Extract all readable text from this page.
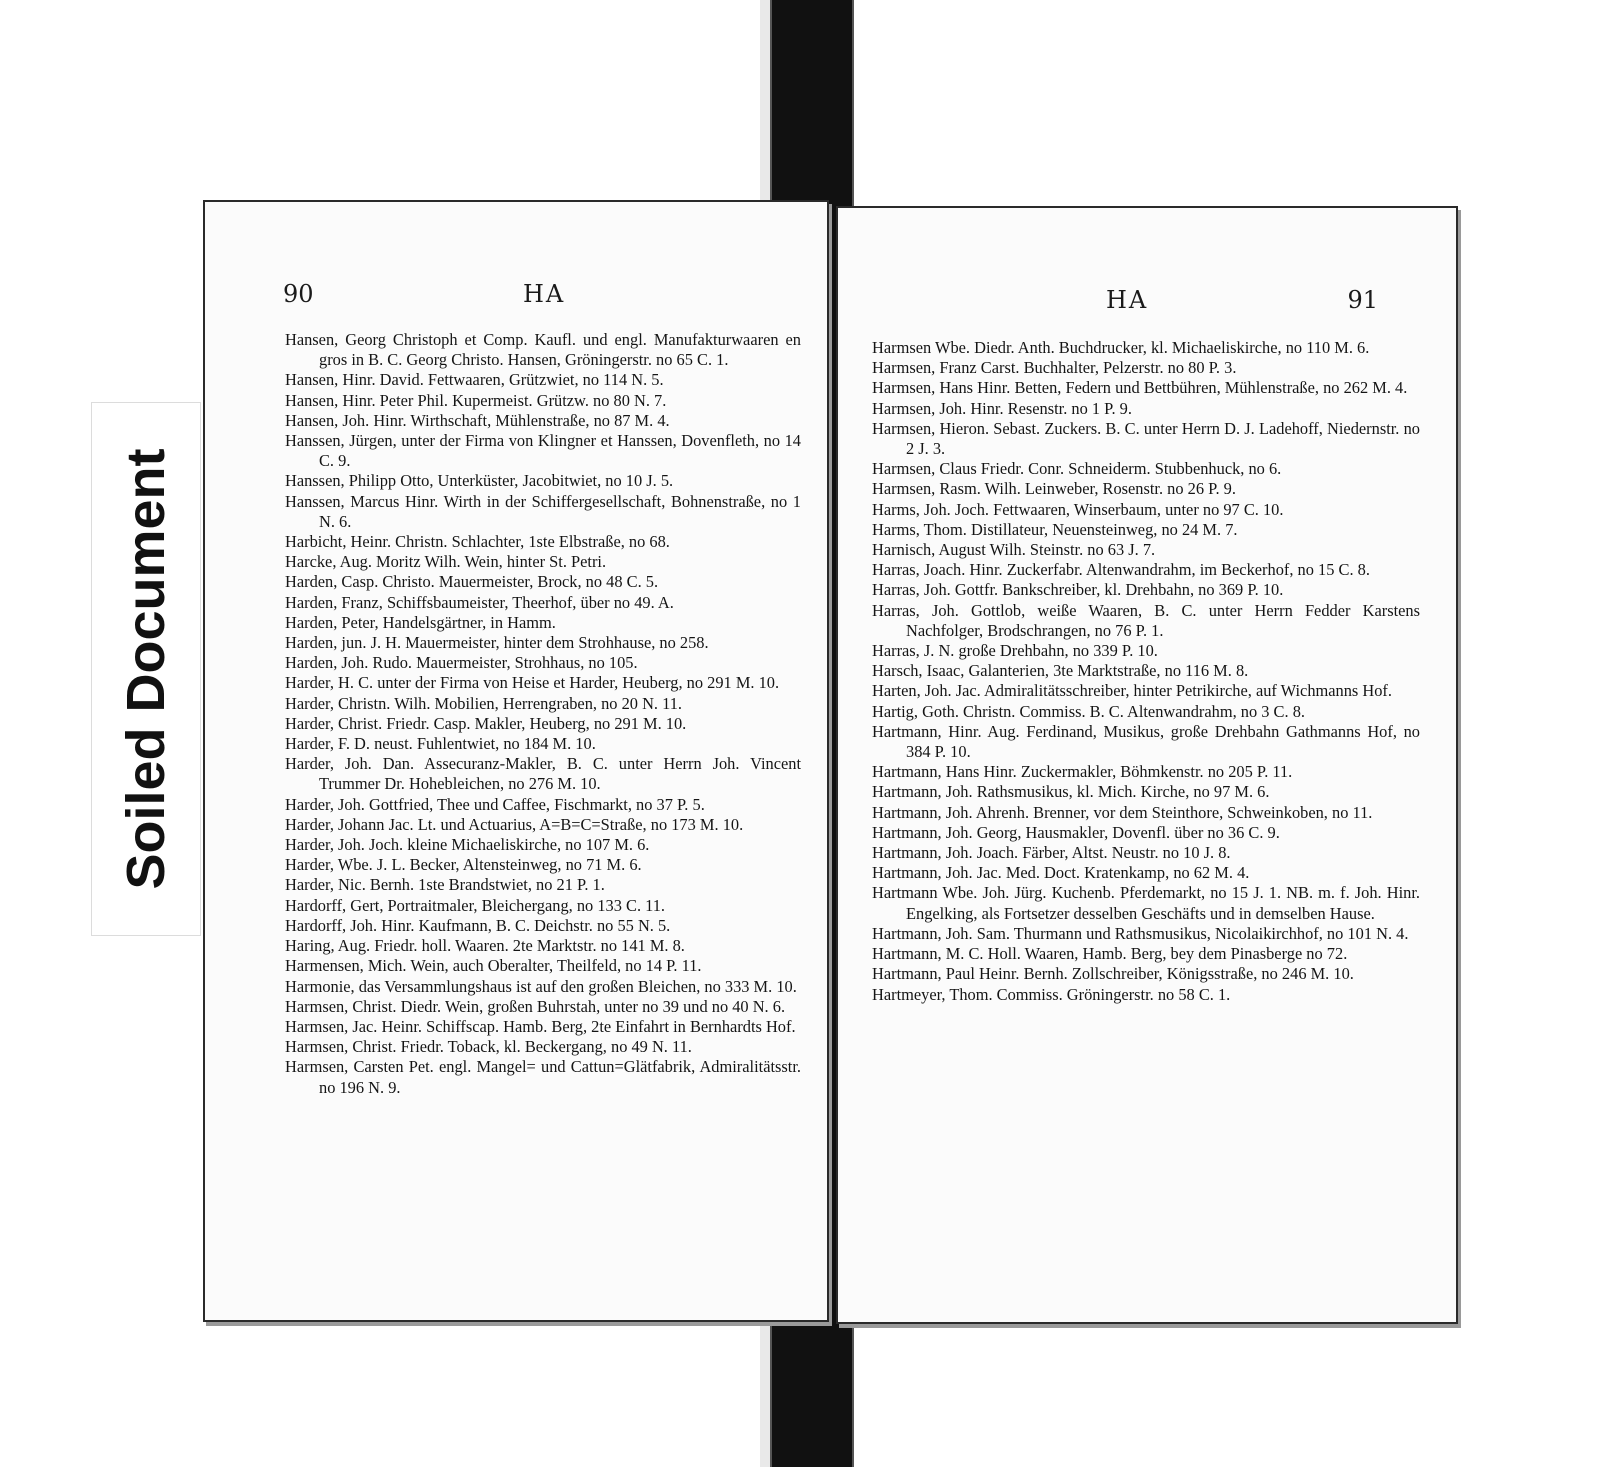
90	HA
Hansen, Georg Christoph et Comp. Kaufl. und engl. Manufakturwaaren en gros in B. C. Georg Christo. Hansen, Gröningerstr. no 65 C. 1.
Hansen, Hinr. David. Fettwaaren, Grützwiet, no 114 N. 5.
Hansen, Hinr. Peter Phil. Kupermeist. Grützw. no 80 N. 7.
Hansen, Joh. Hinr. Wirthschaft, Mühlenstraße, no 87 M. 4.
Hanssen, Jürgen, unter der Firma von Klingner et Hanssen, Dovenfleth, no 14 C. 9.
Hanssen, Philipp Otto, Unterküster, Jacobitwiet, no 10 J. 5.
Hanssen, Marcus Hinr. Wirth in der Schiffergesellschaft, Bohnenstraße, no 1 N. 6.
Harbicht, Heinr. Christn. Schlachter, 1ste Elbstraße, no 68.
Harcke, Aug. Moritz Wilh. Wein, hinter St. Petri.
Harden, Casp. Christo. Mauermeister, Brock, no 48 C. 5.
Harden, Franz, Schiffsbaumeister, Theerhof, über no 49. A.
Harden, Peter, Handelsgärtner, in Hamm.
Harden, jun. J. H. Mauermeister, hinter dem Strohhause, no 258.
Harden, Joh. Rudo. Mauermeister, Strohhaus, no 105.
Harder, H. C. unter der Firma von Heise et Harder, Heuberg, no 291 M. 10.
Harder, Christn. Wilh. Mobilien, Herrengraben, no 20 N. 11.
Harder, Christ. Friedr. Casp. Makler, Heuberg, no 291 M. 10.
Harder, F. D. neust. Fuhlentwiet, no 184 M. 10.
Harder, Joh. Dan. Assecuranz-Makler, B. C. unter Herrn Joh. Vincent Trummer Dr. Hohebleichen, no 276 M. 10.
Harder, Joh. Gottfried, Thee und Caffee, Fischmarkt, no 37 P. 5.
Harder, Johann Jac. Lt. und Actuarius, A=B=C=Straße, no 173 M. 10.
Harder, Joh. Joch. kleine Michaeliskirche, no 107 M. 6.
Harder, Wbe. J. L. Becker, Altensteinweg, no 71 M. 6.
Harder, Nic. Bernh. 1ste Brandstwiet, no 21 P. 1.
Hardorff, Gert, Portraitmaler, Bleichergang, no 133 C. 11.
Hardorff, Joh. Hinr. Kaufmann, B. C. Deichstr. no 55 N. 5.
Haring, Aug. Friedr. holl. Waaren. 2te Marktstr. no 141 M. 8.
Harmensen, Mich. Wein, auch Oberalter, Theilfeld, no 14 P. 11.
Harmonie, das Versammlungshaus ist auf den großen Bleichen, no 333 M. 10.
Harmsen, Christ. Diedr. Wein, großen Buhrstah, unter no 39 und no 40 N. 6.
Harmsen, Jac. Heinr. Schiffscap. Hamb. Berg, 2te Einfahrt in Bernhardts Hof.
Harmsen, Christ. Friedr. Toback, kl. Beckergang, no 49 N. 11.
Harmsen, Carsten Pet. engl. Mangel= und Cattun=Glätfabrik, Admiralitätsstr. no 196 N. 9.
91
HA
Harmsen Wbe. Diedr. Anth. Buchdrucker, kl. Michaeliskirche, no 110 M. 6.
Harmsen, Franz Carst. Buchhalter, Pelzerstr. no 80 P. 3.
Harmsen, Hans Hinr. Betten, Federn und Bettbühren, Mühlenstraße, no 262 M. 4.
Harmsen, Joh. Hinr. Resenstr. no 1 P. 9.
Harmsen, Hieron. Sebast. Zuckers. B. C. unter Herrn D. J. Ladehoff, Niedernstr. no 2 J. 3.
Harmsen, Claus Friedr. Conr. Schneiderm. Stubbenhuck, no 6.
Harmsen, Rasm. Wilh. Leinweber, Rosenstr. no 26 P. 9.
Harms, Joh. Joch. Fettwaaren, Winserbaum, unter no 97 C. 10.
Harms, Thom. Distillateur, Neuensteinweg, no 24 M. 7.
Harnisch, August Wilh. Steinstr. no 63 J. 7.
Harras, Joach. Hinr. Zuckerfabr. Altenwandrahm, im Beckerhof, no 15 C. 8.
Harras, Joh. Gottfr. Bankschreiber, kl. Drehbahn, no 369 P. 10.
Harras, Joh. Gottlob, weiße Waaren, B. C. unter Herrn Fedder Karstens Nachfolger, Brodschrangen, no 76 P. 1.
Harras, J. N. große Drehbahn, no 339 P. 10.
Harsch, Isaac, Galanterien, 3te Marktstraße, no 116 M. 8.
Harten, Joh. Jac. Admiralitätsschreiber, hinter Petrikirche, auf Wichmanns Hof.
Hartig, Goth. Christn. Commiss. B. C. Altenwandrahm, no 3 C. 8.
Hartmann, Hinr. Aug. Ferdinand, Musikus, große Drehbahn Gathmanns Hof, no 384 P. 10.
Hartmann, Hans Hinr. Zuckermakler, Böhmkenstr. no 205 P. 11.
Hartmann, Joh. Rathsmusikus, kl. Mich. Kirche, no 97 M. 6.
Hartmann, Joh. Ahrenh. Brenner, vor dem Steinthore, Schweinkoben, no 11.
Hartmann, Joh. Georg, Hausmakler, Dovenfl. über no 36 C. 9.
Hartmann, Joh. Joach. Färber, Altst. Neustr. no 10 J. 8.
Hartmann, Joh. Jac. Med. Doct. Kratenkamp, no 62 M. 4.
Hartmann Wbe. Joh. Jürg. Kuchenb. Pferdemarkt, no 15 J. 1. NB. m. f. Joh. Hinr. Engelking, als Fortsetzer desselben Geschäfts und in demselben Hause.
Hartmann, Joh. Sam. Thurmann und Rathsmusikus, Nicolaikirchhof, no 101 N. 4.
Hartmann, M. C. Holl. Waaren, Hamb. Berg, bey dem Pinasberge no 72.
Hartmann, Paul Heinr. Bernh. Zollschreiber, Königsstraße, no 246 M. 10.
Hartmeyer, Thom. Commiss. Gröningerstr. no 58 C. 1.
Soiled Document
